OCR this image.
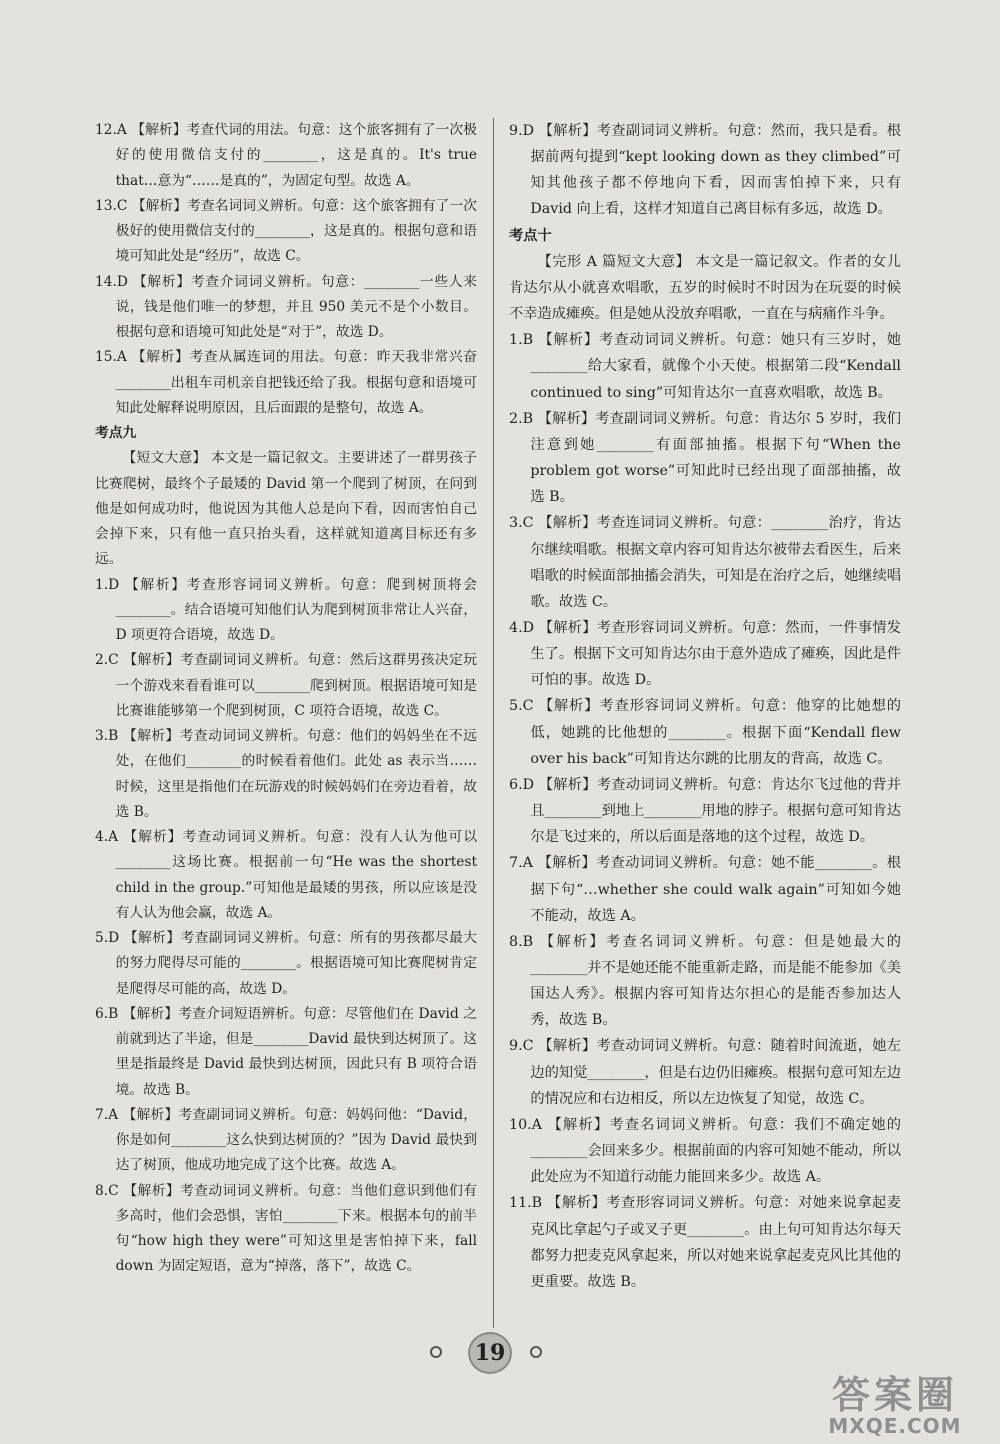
12.A 【解析】考查代词的用法。句意：这个旅客拥有了一次极好的使用微信支付的________，这是真的。It's true that…意为“……是真的”，为固定句型。故选 A。

13.C 【解析】考查名词词义辨析。句意：这个旅客拥有了一次极好的使用微信支付的________，这是真的。根据句意和语境可知此处是“经历”，故选 C。

14.D 【解析】考查介词词义辨析。句意：________一些人来说，钱是他们唯一的梦想，并且 950 美元不是个小数目。根据句意和语境可知此处是“对于”，故选 D。

15.A 【解析】考查从属连词的用法。句意：昨天我非常兴奋________出租车司机亲自把钱还给了我。根据句意和语境可知此处解释说明原因，且后面跟的是整句，故选 A。

考点九

【短文大意】 本文是一篇记叙文。主要讲述了一群男孩子比赛爬树，最终个子最矮的 David 第一个爬到了树顶，在问到他是如何成功时，他说因为其他人总是向下看，因而害怕自己会掉下来，只有他一直只抬头看，这样就知道离目标还有多远。

1.D 【解析】考查形容词词义辨析。句意：爬到树顶将会________。结合语境可知他们认为爬到树顶非常让人兴奋，D 项更符合语境，故选 D。

2.C 【解析】考查副词词义辨析。句意：然后这群男孩决定玩一个游戏来看看谁可以________爬到树顶。根据语境可知是比赛谁能够第一个爬到树顶，C 项符合语境，故选 C。

3.B 【解析】考查动词词义辨析。句意：他们的妈妈坐在不远处，在他们________的时候看着他们。此处 as 表示当……时候，这里是指他们在玩游戏的时候妈妈们在旁边看着，故选 B。

4.A 【解析】考查动词词义辨析。句意：没有人认为他可以________这场比赛。根据前一句“He was the shortest child in the group.”可知他是最矮的男孩，所以应该是没有人认为他会赢，故选 A。

5.D 【解析】考查副词词义辨析。句意：所有的男孩都尽最大的努力爬得尽可能的________。根据语境可知比赛爬树肯定是爬得尽可能的高，故选 D。

6.B 【解析】考查介词短语辨析。句意：尽管他们在 David 之前就到达了半途，但是________David 最快到达树顶了。这里是指最终是 David 最快到达树顶，因此只有 B 项符合语境。故选 B。

7.A 【解析】考查副词词义辨析。句意：妈妈问他：“David，你是如何________这么快到达树顶的？”因为 David 最快到达了树顶，他成功地完成了这个比赛。故选 A。

8.C 【解析】考查动词词义辨析。句意：当他们意识到他们有多高时，他们会恐惧，害怕________下来。根据本句的前半句“how high they were”可知这里是害怕掉下来，fall down 为固定短语，意为“掉落，落下”，故选 C。

9.D 【解析】考查副词词义辨析。句意：然而，我只是看。根据前两句提到“kept looking down as they climbed”可知其他孩子都不停地向下看，因而害怕掉下来，只有 David 向上看，这样才知道自己离目标有多远，故选 D。

考点十

【完形 A 篇短文大意】 本文是一篇记叙文。作者的女儿肯达尔从小就喜欢唱歌，五岁的时候时不时因为在玩耍的时候不幸造成瘫痪。但是她从没放弃唱歌，一直在与病痛作斗争。

1.B 【解析】考查动词词义辨析。句意：她只有三岁时，她________给大家看，就像个小天使。根据第二段“Kendall continued to sing”可知肯达尔一直喜欢唱歌，故选 B。

2.B 【解析】考查副词词义辨析。句意：肯达尔 5 岁时，我们注意到她________有面部抽搐。根据下句“When the problem got worse”可知此时已经出现了面部抽搐，故选 B。

3.C 【解析】考查连词词义辨析。句意：________治疗，肯达尔继续唱歌。根据文章内容可知肯达尔被带去看医生，后来唱歌的时候面部抽搐会消失，可知是在治疗之后，她继续唱歌。故选 C。

4.D 【解析】考查形容词词义辨析。句意：然而，一件事情发生了。根据下文可知肯达尔由于意外造成了瘫痪，因此是件可怕的事。故选 D。

5.C 【解析】考查形容词词义辨析。句意：他穿的比她想的低，她跳的比他想的________。根据下面“Kendall flew over his back”可知肯达尔跳的比朋友的背高，故选 C。

6.D 【解析】考查动词词义辨析。句意：肯达尔飞过他的背并且________到地上________用地的脖子。根据句意可知肯达尔是飞过来的，所以后面是落地的这个过程，故选 D。

7.A 【解析】考查动词词义辨析。句意：她不能________。根据下句“…whether she could walk again”可知如今她不能动，故选 A。

8.B 【解析】考查名词词义辨析。句意：但是她最大的________并不是她还能不能重新走路，而是能不能参加《美国达人秀》。根据内容可知肯达尔担心的是能否参加达人秀，故选 B。

9.C 【解析】考查动词词义辨析。句意：随着时间流逝，她左边的知觉________，但是右边仍旧瘫痪。根据句意可知左边的情况应和右边相反，所以左边恢复了知觉，故选 C。

10.A 【解析】考查名词词义辨析。句意：我们不确定她的________会回来多少。根据前面的内容可知她不能动，所以此处应为不知道行动能力能回来多少。故选 A。

11.B 【解析】考查形容词词义辨析。句意：对她来说拿起麦克风比拿起勺子或叉子更________。由上句可知肯达尔每天都努力把麦克风拿起来，所以对她来说拿起麦克风比其他的更重要。故选 B。

19
答案圈
MXQE.COM
